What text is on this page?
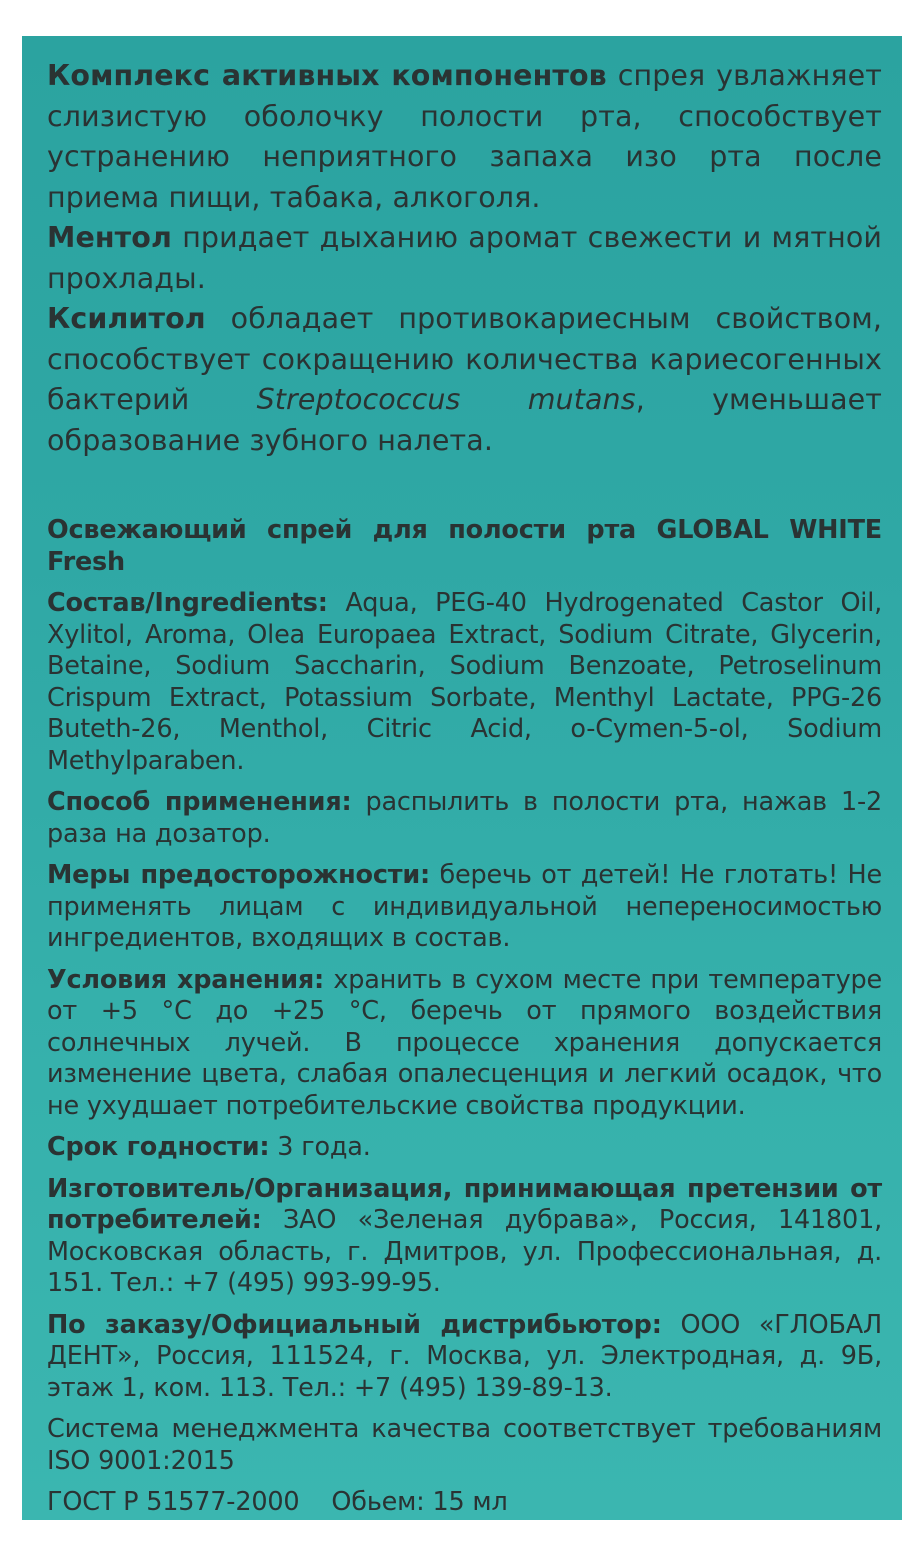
Комплекс активных компонентов спрея увлажняет слизистую оболочку полости рта, способствует устранению неприятного запаха изо рта после приема пищи, табака, алкоголя.

Ментол придает дыханию аромат свежести и мятной прохлады.

Ксилитол обладает противокариесным свойством, способствует сокращению количества кариесогенных бактерий Streptococcus mutans, уменьшает образование зубного налета.

Освежающий спрей для полости рта GLOBAL WHITE Fresh

Состав/Ingredients: Aqua, PEG-40 Hydrogenated Castor Oil, Xylitol, Aroma, Olea Europaea Extract, Sodium Citrate, Glycerin, Betaine, Sodium Saccharin, Sodium Benzoate, Petroselinum Crispum Extract, Potassium Sorbate, Menthyl Lactate, PPG-26 Buteth-26, Menthol, Citric Acid, o-Cymen-5-ol, Sodium Methylparaben.

Способ применения: распылить в полости рта, нажав 1-2 раза на дозатор.

Меры предосторожности: беречь от детей! Не глотать! Не применять лицам с индивидуальной непереносимостью ингредиентов, входящих в состав.

Условия хранения: хранить в сухом месте при температуре от +5 °С до +25 °С, беречь от прямого воздействия солнечных лучей. В процессе хранения допускается изменение цвета, слабая опалесценция и легкий осадок, что не ухудшает потребительские свойства продукции.

Срок годности: 3 года.

Изготовитель/Организация, принимающая претензии от потребителей: ЗАО «Зеленая дубрава», Россия, 141801, Московская область, г. Дмитров, ул. Профессиональная, д. 151. Тел.: +7 (495) 993-99-95.

По заказу/Официальный дистрибьютор: ООО «ГЛОБАЛ ДЕНТ», Россия, 111524, г. Москва, ул. Электродная, д. 9Б, этаж 1, ком. 113. Тел.: +7 (495) 139-89-13.

Система менеджмента качества соответствует требованиям ISO 9001:2015

ГОСТ Р 51577-2000 Обьем: 15 мл
